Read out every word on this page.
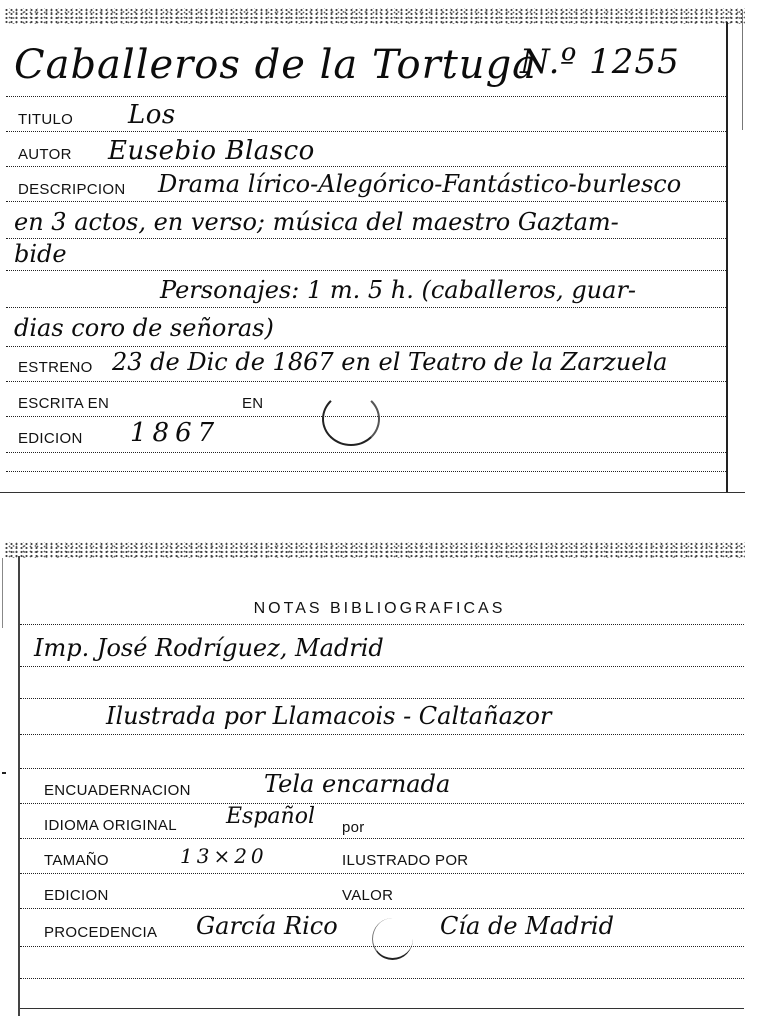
Caballeros de la Tortuga
N.º 1255
TITULO Los
AUTOR Eusebio Blasco
DESCRIPCION Drama lírico-Alegórico-Fantástico-burlesco
en 3 actos, en verso; música del maestro Gaztam-
bide
Personajes: 1 m. 5 h. (caballeros, guar-
dias coro de señoras)
ESTRENO 23 de Dic de 1867 en el Teatro de la Zarzuela
ESCRITA EN	EN
EDICION 1867
NOTAS BIBLIOGRAFICAS
Imp. José Rodríguez, Madrid
Ilustrada por Llamacois - Caltañazor
ENCUADERNACION	Tela encarnada
IDIOMA ORIGINAL Español por
TAMAÑO	13×20	ILUSTRADO POR
EDICION	VALOR
PROCEDENCIA García Rico	Cía de Madrid
